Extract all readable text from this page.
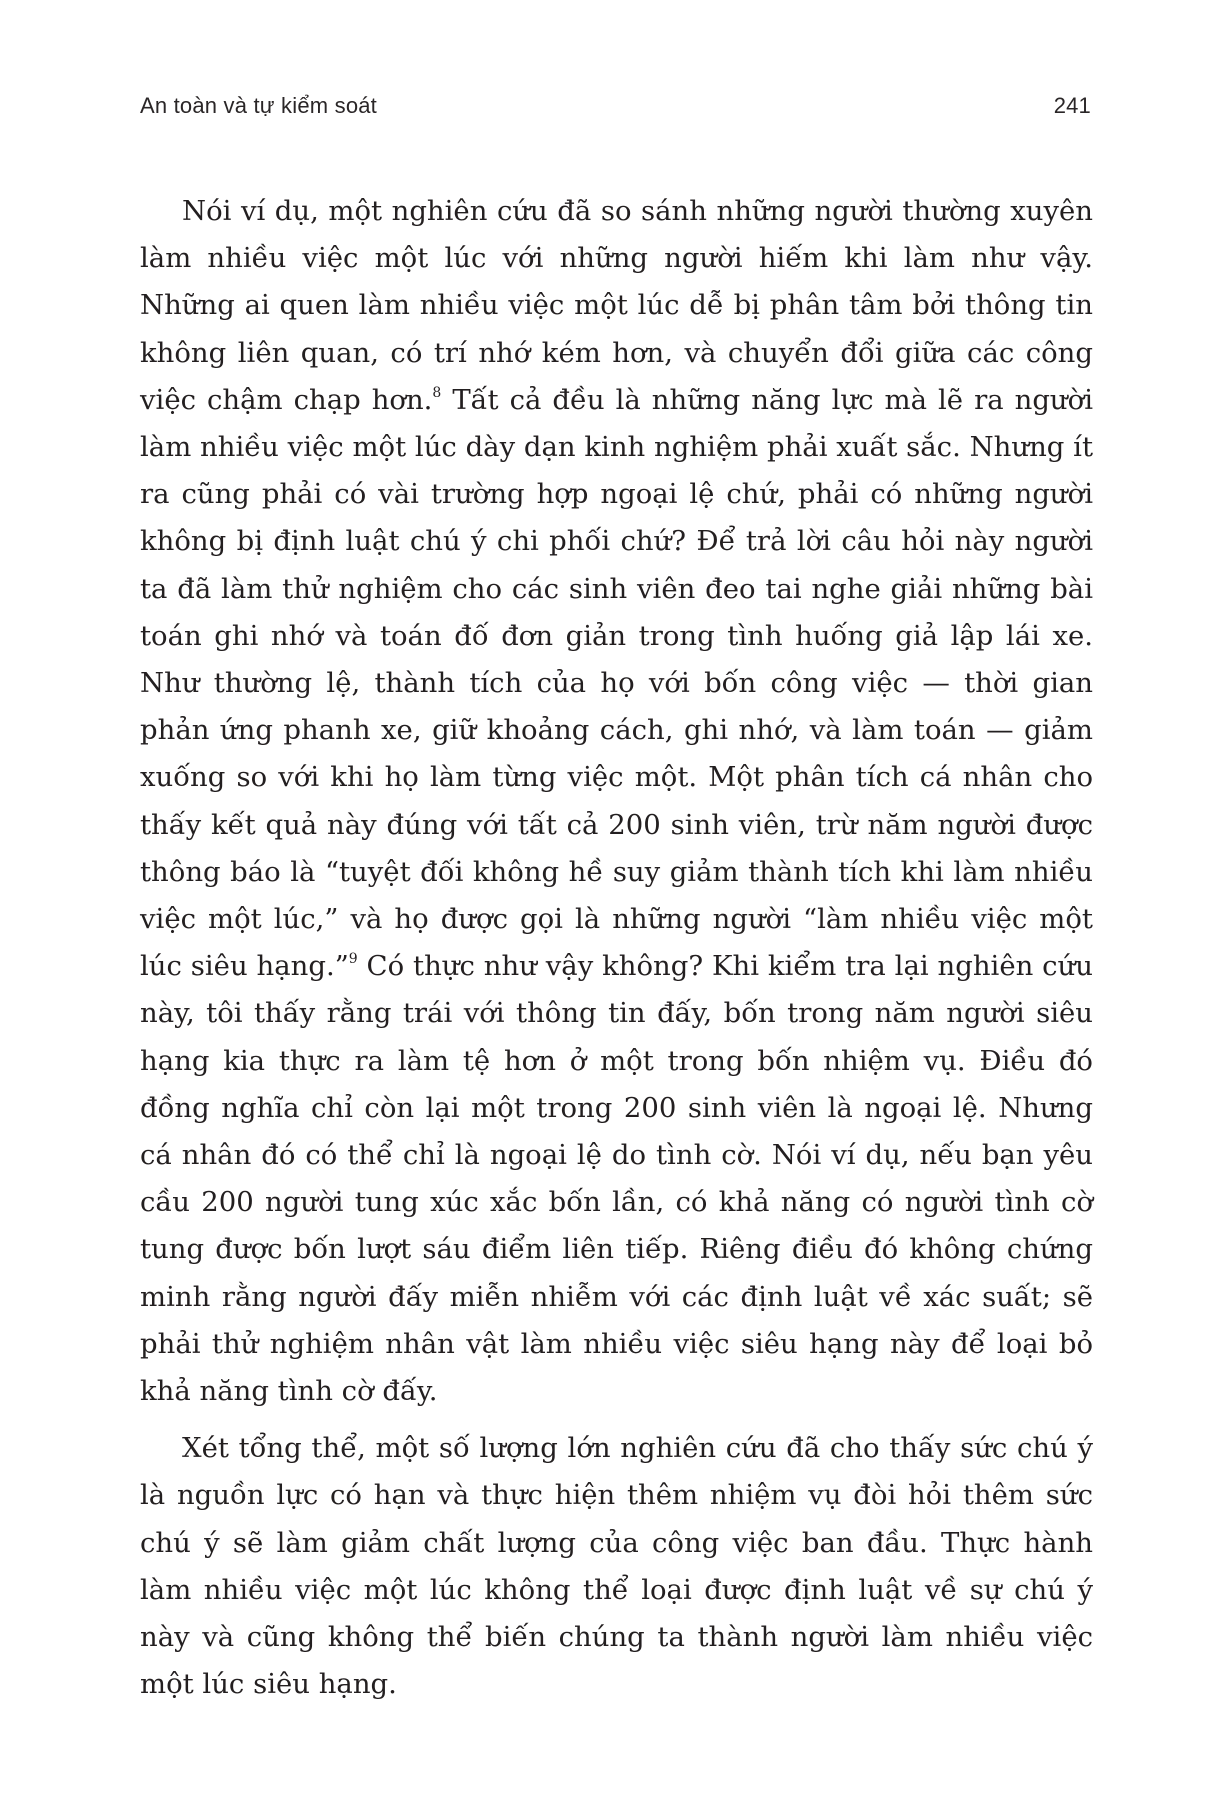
An toàn và tự kiểm soát	241

Nói ví dụ, một nghiên cứu đã so sánh những người thường xuyên làm nhiều việc một lúc với những người hiếm khi làm như vậy. Những ai quen làm nhiều việc một lúc dễ bị phân tâm bởi thông tin không liên quan, có trí nhớ kém hơn, và chuyển đổi giữa các công việc chậm chạp hơn.$^8$ Tất cả đều là những năng lực mà lẽ ra người làm nhiều việc một lúc dày dạn kinh nghiệm phải xuất sắc. Nhưng ít ra cũng phải có vài trường hợp ngoại lệ chứ, phải có những người không bị định luật chú ý chi phối chứ? Để trả lời câu hỏi này người ta đã làm thử nghiệm cho các sinh viên đeo tai nghe giải những bài toán ghi nhớ và toán đố đơn giản trong tình huống giả lập lái xe. Như thường lệ, thành tích của họ với bốn công việc — thời gian phản ứng phanh xe, giữ khoảng cách, ghi nhớ, và làm toán — giảm xuống so với khi họ làm từng việc một. Một phân tích cá nhân cho thấy kết quả này đúng với tất cả 200 sinh viên, trừ năm người được thông báo là “tuyệt đối không hề suy giảm thành tích khi làm nhiều việc một lúc,” và họ được gọi là những người “làm nhiều việc một lúc siêu hạng.”$^9$ Có thực như vậy không? Khi kiểm tra lại nghiên cứu này, tôi thấy rằng trái với thông tin đấy, bốn trong năm người siêu hạng kia thực ra làm tệ hơn ở một trong bốn nhiệm vụ. Điều đó đồng nghĩa chỉ còn lại một trong 200 sinh viên là ngoại lệ. Nhưng cá nhân đó có thể chỉ là ngoại lệ do tình cờ. Nói ví dụ, nếu bạn yêu cầu 200 người tung xúc xắc bốn lần, có khả năng có người tình cờ tung được bốn lượt sáu điểm liên tiếp. Riêng điều đó không chứng minh rằng người đấy miễn nhiễm với các định luật về xác suất; sẽ phải thử nghiệm nhân vật làm nhiều việc siêu hạng này để loại bỏ khả năng tình cờ đấy.

Xét tổng thể, một số lượng lớn nghiên cứu đã cho thấy sức chú ý là nguồn lực có hạn và thực hiện thêm nhiệm vụ đòi hỏi thêm sức chú ý sẽ làm giảm chất lượng của công việc ban đầu. Thực hành làm nhiều việc một lúc không thể loại được định luật về sự chú ý này và cũng không thể biến chúng ta thành người làm nhiều việc một lúc siêu hạng.
